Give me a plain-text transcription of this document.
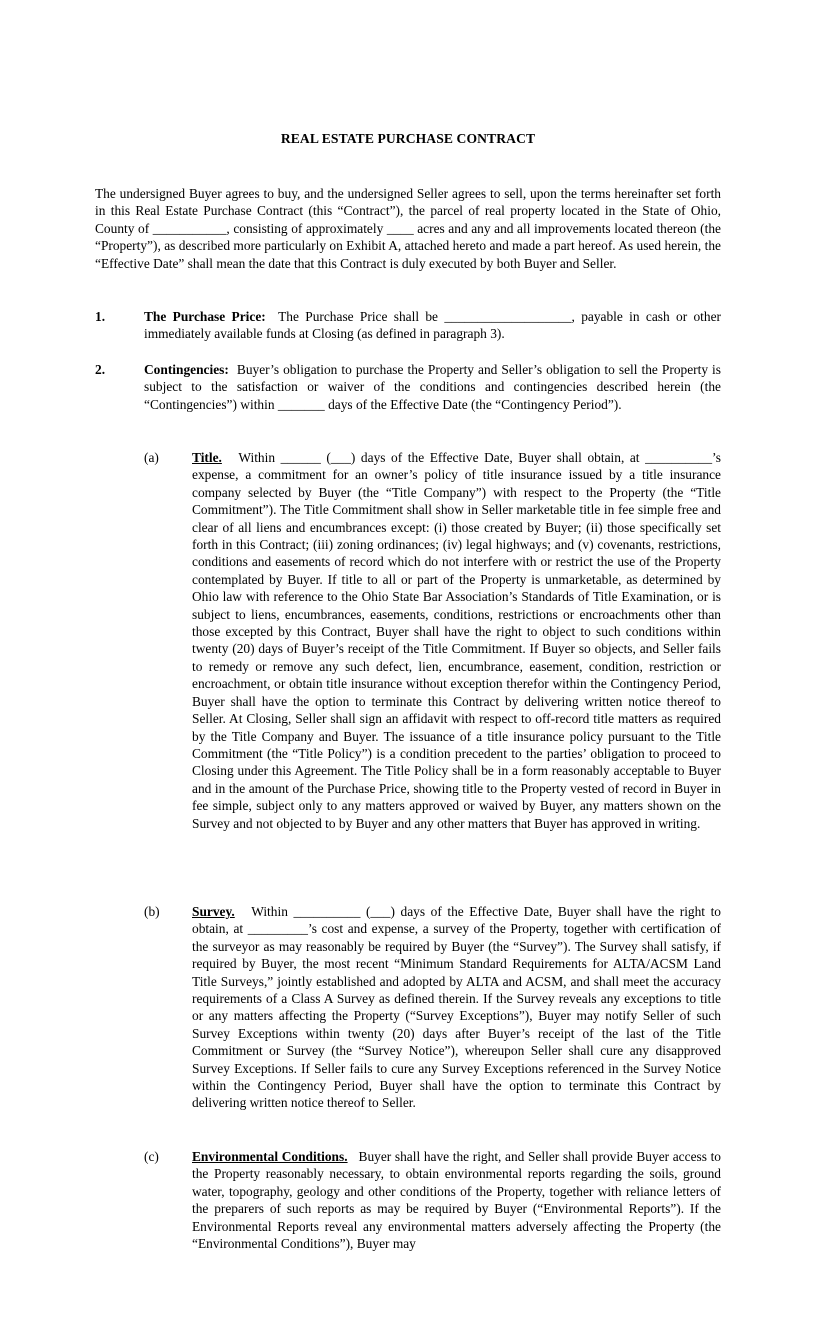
REAL ESTATE PURCHASE CONTRACT

The undersigned Buyer agrees to buy, and the undersigned Seller agrees to sell, upon the terms hereinafter set forth in this Real Estate Purchase Contract (this “Contract”), the parcel of real property located in the State of Ohio, County of ___________, consisting of approximately ____ acres and any and all improvements located thereon (the “Property”), as described more particularly on Exhibit A, attached hereto and made a part hereof. As used herein, the “Effective Date” shall mean the date that this Contract is duly executed by both Buyer and Seller.

1.	The Purchase Price: The Purchase Price shall be ___________________, payable in cash or other immediately available funds at Closing (as defined in paragraph 3).
2.	Contingencies: Buyer’s obligation to purchase the Property and Seller’s obligation to sell the Property is subject to the satisfaction or waiver of the conditions and contingencies described herein (the “Contingencies”) within _______ days of the Effective Date (the “Contingency Period”).
(a) Title. Within ______ (___) days of the Effective Date, Buyer shall obtain, at __________’s expense, a commitment for an owner’s policy of title insurance issued by a title insurance company selected by Buyer (the “Title Company”) with respect to the Property (the “Title Commitment”). The Title Commitment shall show in Seller marketable title in fee simple free and clear of all liens and encumbrances except: (i) those created by Buyer; (ii) those specifically set forth in this Contract; (iii) zoning ordinances; (iv) legal highways; and (v) covenants, restrictions, conditions and easements of record which do not interfere with or restrict the use of the Property contemplated by Buyer. If title to all or part of the Property is unmarketable, as determined by Ohio law with reference to the Ohio State Bar Association’s Standards of Title Examination, or is subject to liens, encumbrances, easements, conditions, restrictions or encroachments other than those excepted by this Contract, Buyer shall have the right to object to such conditions within twenty (20) days of Buyer’s receipt of the Title Commitment. If Buyer so objects, and Seller fails to remedy or remove any such defect, lien, encumbrance, easement, condition, restriction or encroachment, or obtain title insurance without exception therefor within the Contingency Period, Buyer shall have the option to terminate this Contract by delivering written notice thereof to Seller. At Closing, Seller shall sign an affidavit with respect to off-record title matters as required by the Title Company and Buyer. The issuance of a title insurance policy pursuant to the Title Commitment (the “Title Policy”) is a condition precedent to the parties’ obligation to proceed to Closing under this Agreement. The Title Policy shall be in a form reasonably acceptable to Buyer and in the amount of the Purchase Price, showing title to the Property vested of record in Buyer in fee simple, subject only to any matters approved or waived by Buyer, any matters shown on the Survey and not objected to by Buyer and any other matters that Buyer has approved in writing.
(b) Survey. Within __________ (___) days of the Effective Date, Buyer shall have the right to obtain, at _________’s cost and expense, a survey of the Property, together with certification of the surveyor as may reasonably be required by Buyer (the “Survey”). The Survey shall satisfy, if required by Buyer, the most recent “Minimum Standard Requirements for ALTA/ACSM Land Title Surveys,” jointly established and adopted by ALTA and ACSM, and shall meet the accuracy requirements of a Class A Survey as defined therein. If the Survey reveals any exceptions to title or any matters affecting the Property (“Survey Exceptions”), Buyer may notify Seller of such Survey Exceptions within twenty (20) days after Buyer’s receipt of the last of the Title Commitment or Survey (the “Survey Notice”), whereupon Seller shall cure any disapproved Survey Exceptions. If Seller fails to cure any Survey Exceptions referenced in the Survey Notice within the Contingency Period, Buyer shall have the option to terminate this Contract by delivering written notice thereof to Seller.
(c) Environmental Conditions. Buyer shall have the right, and Seller shall provide Buyer access to the Property reasonably necessary, to obtain environmental reports regarding the soils, ground water, topography, geology and other conditions of the Property, together with reliance letters of the preparers of such reports as may be required by Buyer (“Environmental Reports”). If the Environmental Reports reveal any environmental matters adversely affecting the Property (the “Environmental Conditions”), Buyer may
